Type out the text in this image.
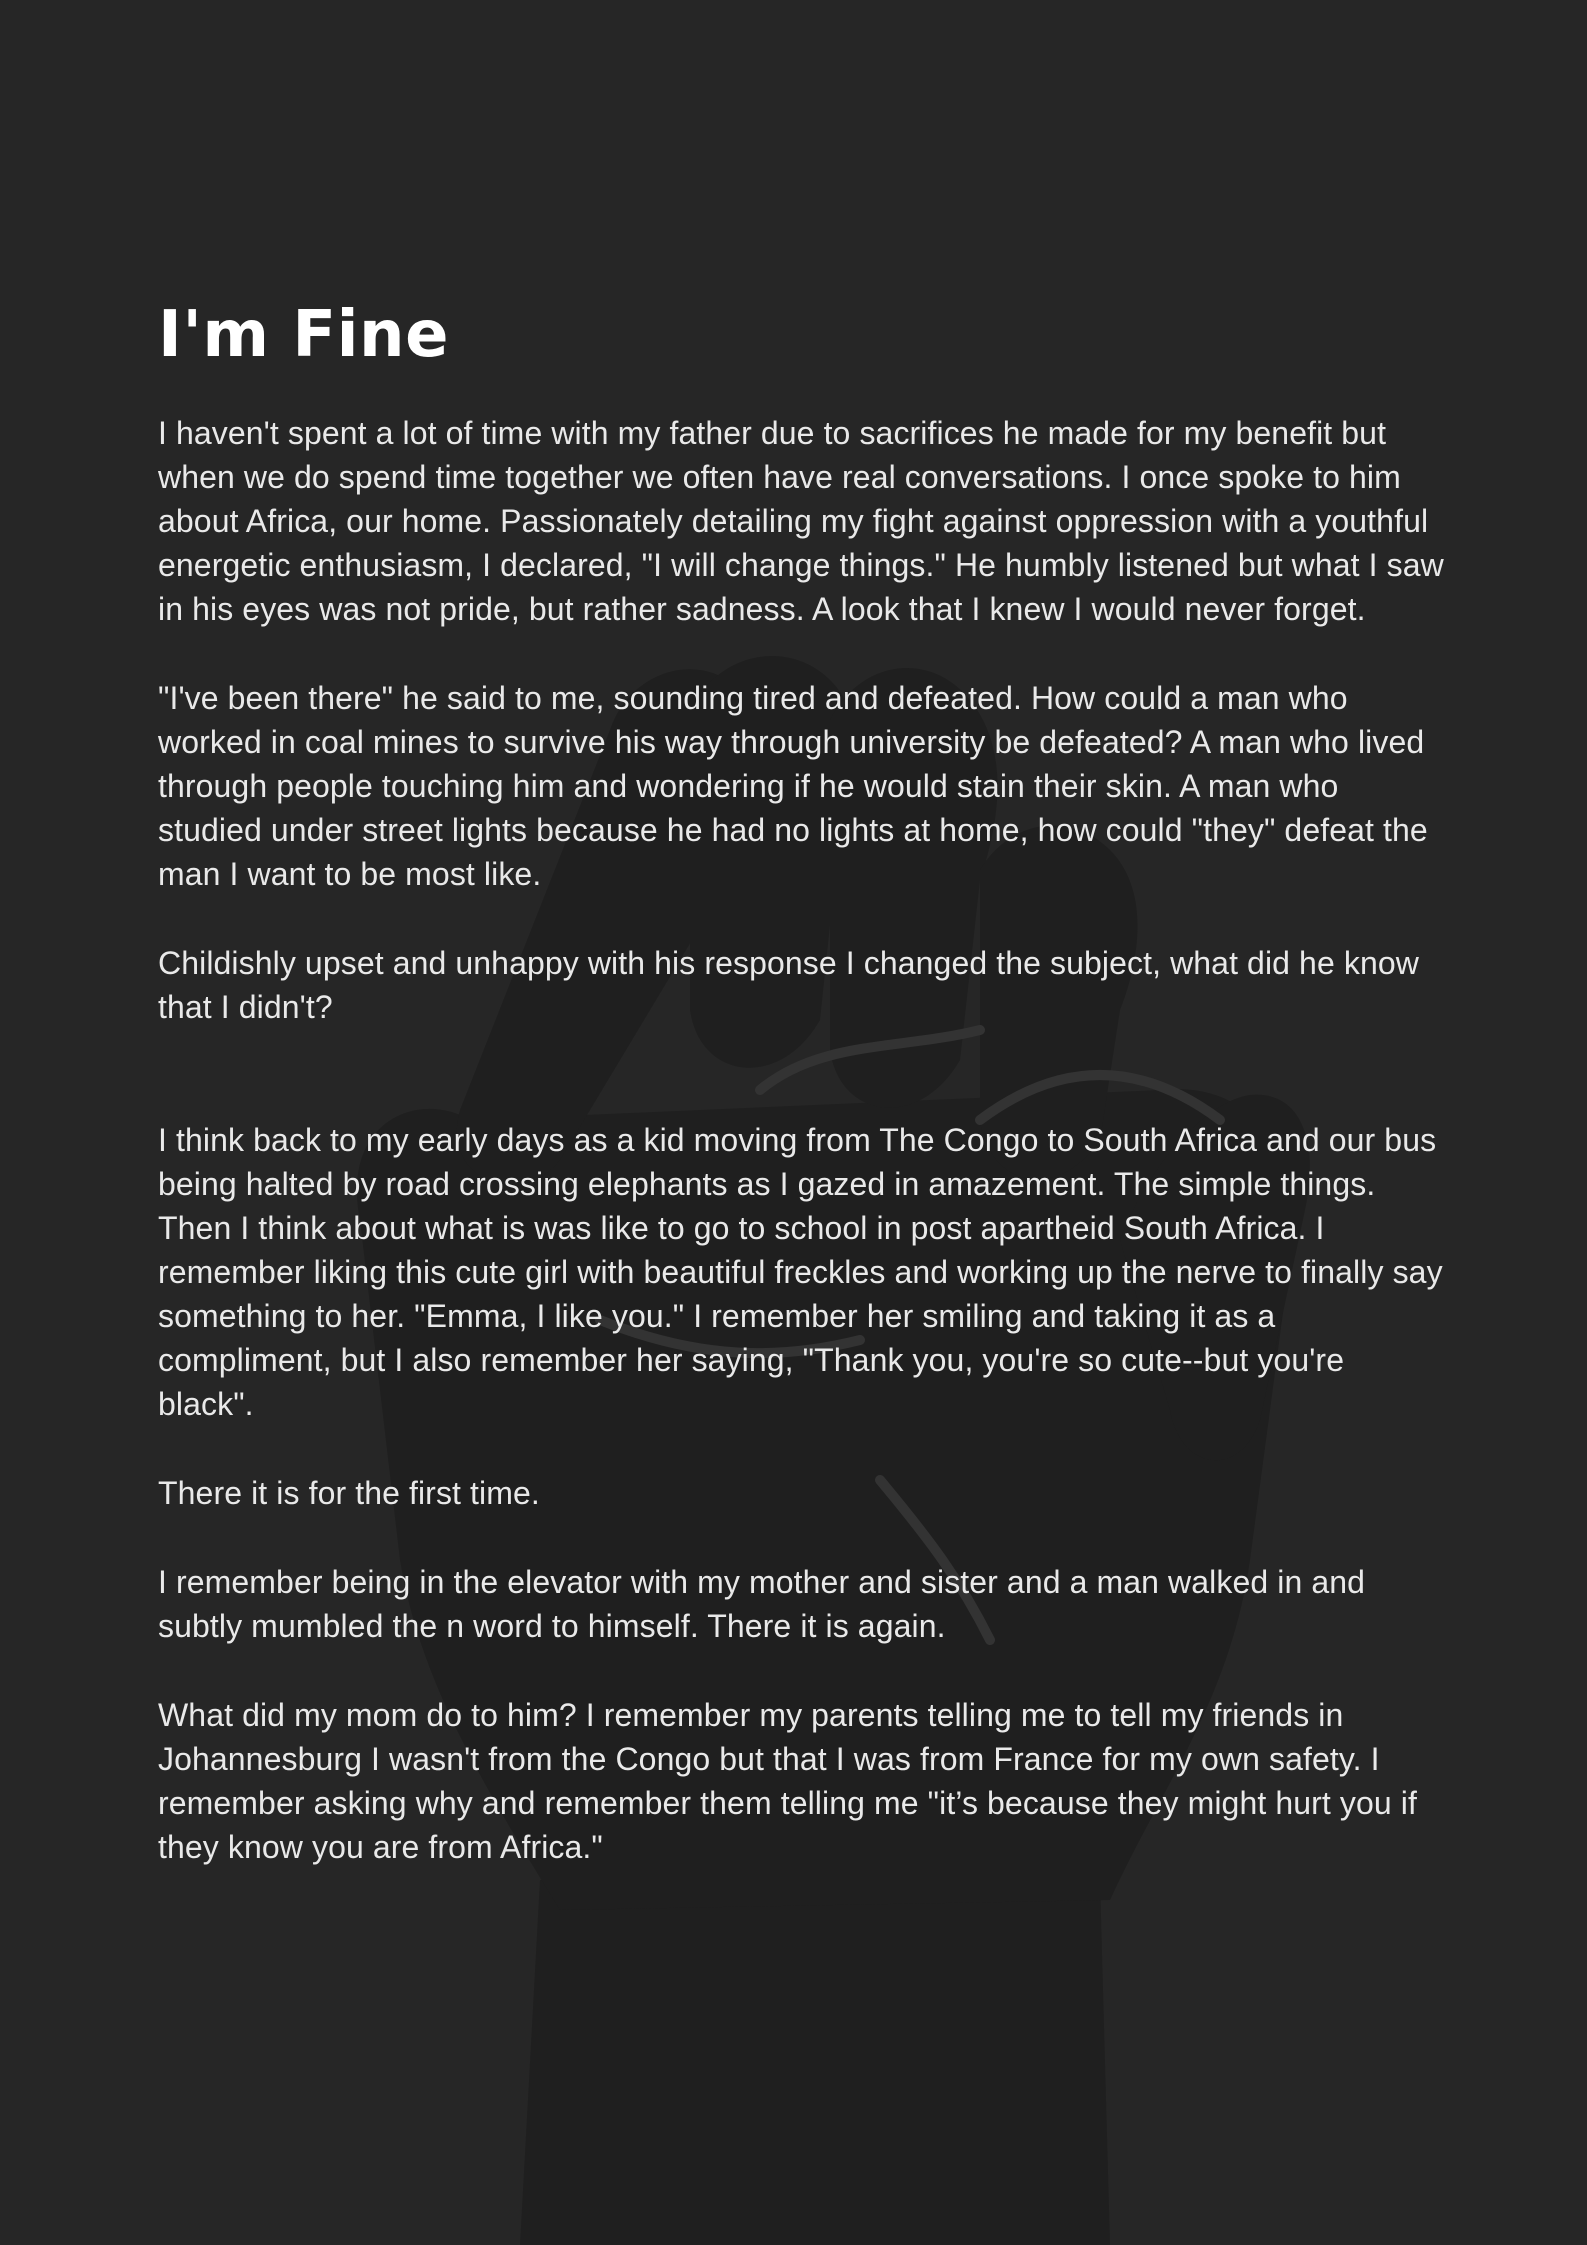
I'm Fine

I haven't spent a lot of time with my father due to sacrifices he made for my benefit but when we do spend time together we often have real conversations. I once spoke to him about Africa, our home. Passionately detailing my fight against oppression with a youthful energetic enthusiasm, I declared, "I will change things." He humbly listened but what I saw in his eyes was not pride, but rather sadness. A look that I knew I would never forget.

"I've been there" he said to me, sounding tired and defeated. How could a man who worked in coal mines to survive his way through university be defeated? A man who lived through people touching him and wondering if he would stain their skin. A man who studied under street lights because he had no lights at home, how could "they" defeat the man I want to be most like.

Childishly upset and unhappy with his response I changed the subject, what did he know that I didn't?

I think back to my early days as a kid moving from The Congo to South Africa and our bus being halted by road crossing elephants as I gazed in amazement. The simple things. Then I think about what is was like to go to school in post apartheid South Africa. I remember liking this cute girl with beautiful freckles and working up the nerve to finally say something to her. "Emma, I like you." I remember her smiling and taking it as a compliment, but I also remember her saying, "Thank you, you're so cute--but you're black".

There it is for the first time.

I remember being in the elevator with my mother and sister and a man walked in and subtly mumbled the n word to himself. There it is again.

What did my mom do to him? I remember my parents telling me to tell my friends in Johannesburg I wasn't from the Congo but that I was from France for my own safety. I remember asking why and remember them telling me "it’s because they might hurt you if they know you are from Africa."
